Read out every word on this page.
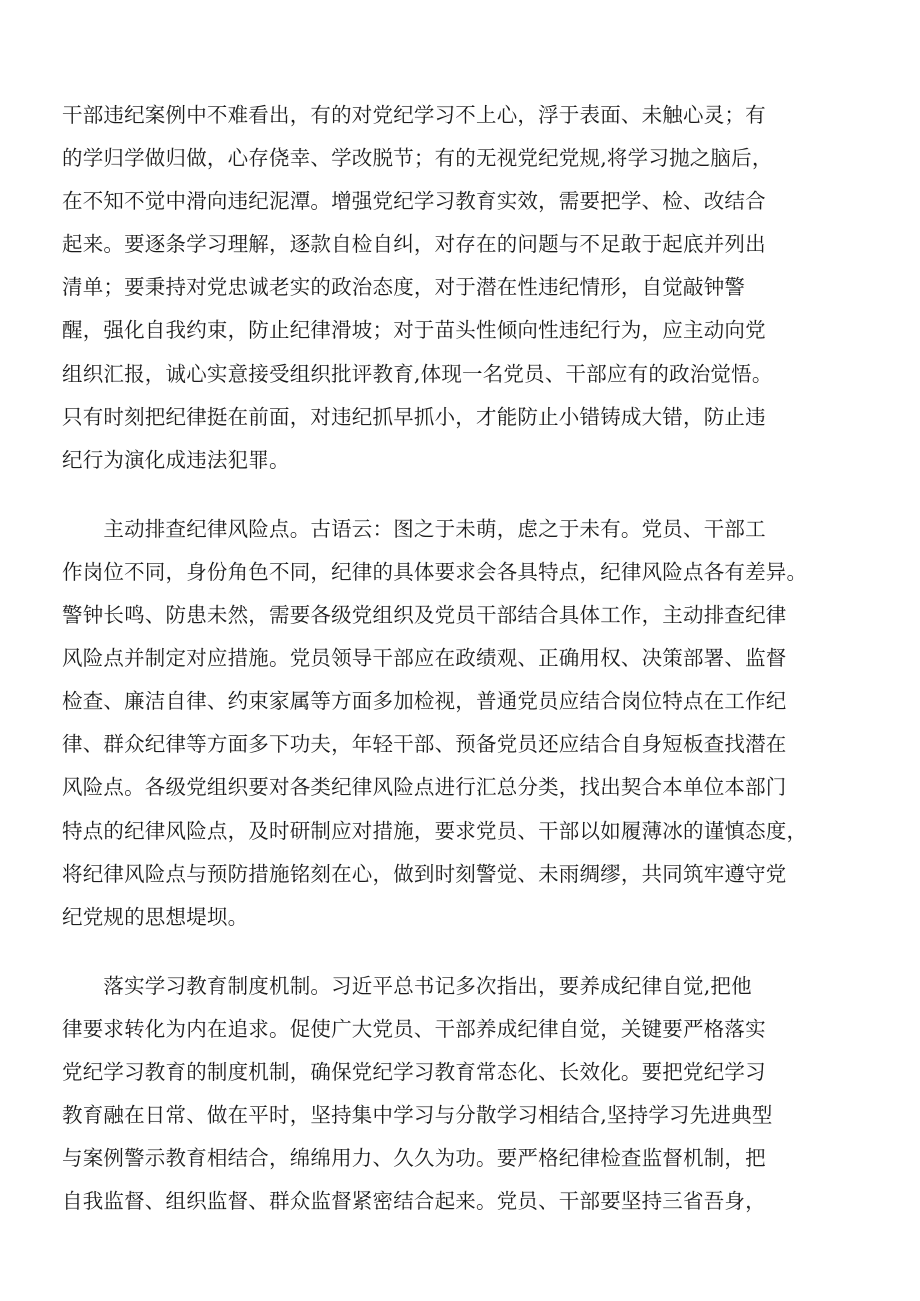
干部违纪案例中不难看出，有的对党纪学习不上心，浮于表面、未触心灵；有
的学归学做归做，心存侥幸、学改脱节；有的无视党纪党规,将学习抛之脑后，
在不知不觉中滑向违纪泥潭。增强党纪学习教育实效，需要把学、检、改结合
起来。要逐条学习理解，逐款自检自纠，对存在的问题与不足敢于起底并列出
清单；要秉持对党忠诚老实的政治态度，对于潜在性违纪情形，自觉敲钟警
醒，强化自我约束，防止纪律滑坡；对于苗头性倾向性违纪行为，应主动向党
组织汇报，诚心实意接受组织批评教育,体现一名党员、干部应有的政治觉悟。
只有时刻把纪律挺在前面，对违纪抓早抓小，才能防止小错铸成大错，防止违
纪行为演化成违法犯罪。
　　主动排查纪律风险点。古语云：图之于未萌，虑之于未有。党员、干部工
作岗位不同，身份角色不同，纪律的具体要求会各具特点，纪律风险点各有差异。
警钟长鸣、防患未然，需要各级党组织及党员干部结合具体工作，主动排查纪律
风险点并制定对应措施。党员领导干部应在政绩观、正确用权、决策部署、监督
检查、廉洁自律、约束家属等方面多加检视，普通党员应结合岗位特点在工作纪
律、群众纪律等方面多下功夫，年轻干部、预备党员还应结合自身短板查找潜在
风险点。各级党组织要对各类纪律风险点进行汇总分类，找出契合本单位本部门
特点的纪律风险点，及时研制应对措施，要求党员、干部以如履薄冰的谨慎态度，
将纪律风险点与预防措施铭刻在心，做到时刻警觉、未雨绸缪，共同筑牢遵守党
纪党规的思想堤坝。
　　落实学习教育制度机制。习近平总书记多次指出，要养成纪律自觉,把他
律要求转化为内在追求。促使广大党员、干部养成纪律自觉，关键要严格落实
党纪学习教育的制度机制，确保党纪学习教育常态化、长效化。要把党纪学习
教育融在日常、做在平时，坚持集中学习与分散学习相结合,坚持学习先进典型
与案例警示教育相结合，绵绵用力、久久为功。要严格纪律检查监督机制，把
自我监督、组织监督、群众监督紧密结合起来。党员、干部要坚持三省吾身，
